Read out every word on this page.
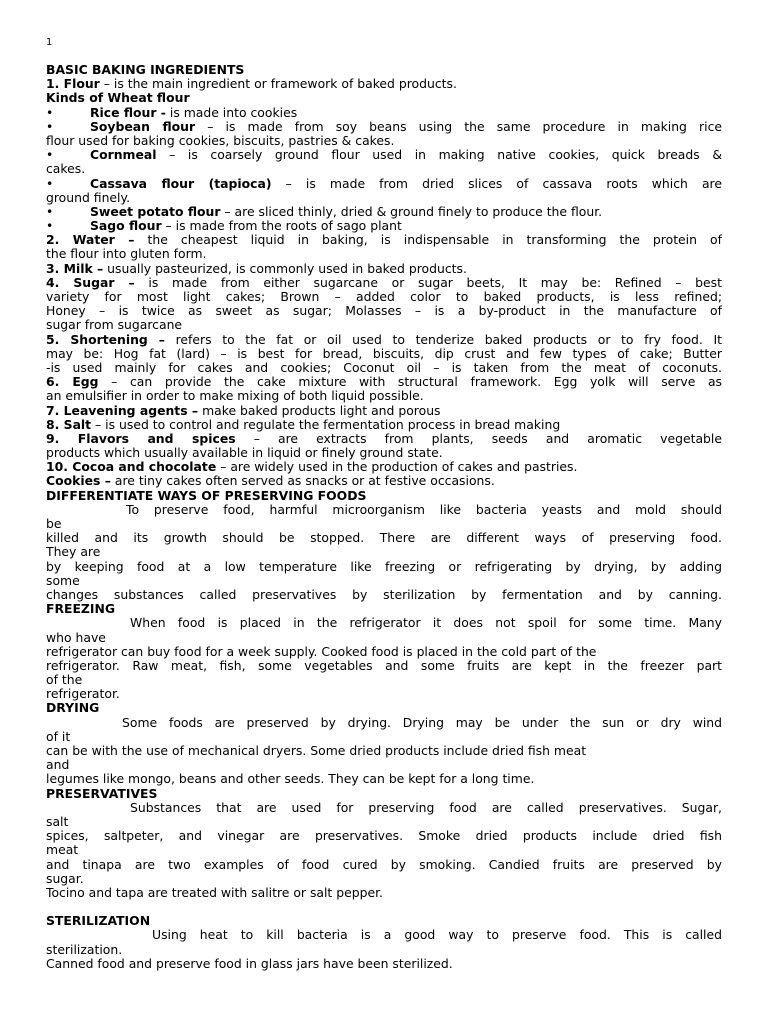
1
BASIC BAKING INGREDIENTS
1. Flour – is the main ingredient or framework of baked products.
Kinds of Wheat flour
•	Rice flour - is made into cookies
•	Soybean flour – is made from soy beans using the same procedure in making rice
flour used for baking cookies, biscuits, pastries & cakes.
•	Cornmeal – is coarsely ground flour used in making native cookies, quick breads &
cakes.
•	Cassava flour (tapioca) – is made from dried slices of cassava roots which are
ground finely.
•	Sweet potato flour – are sliced thinly, dried & ground finely to produce the flour.
•	Sago flour – is made from the roots of sago plant
2. Water – the cheapest liquid in baking, is indispensable in transforming the protein of
the flour into gluten form.
3. Milk – usually pasteurized, is commonly used in baked products.
4. Sugar – is made from either sugarcane or sugar beets, It may be: Refined – best
variety for most light cakes; Brown – added color to baked products, is less refined;
Honey – is twice as sweet as sugar; Molasses – is a by-product in the manufacture of
sugar from sugarcane
5. Shortening – refers to the fat or oil used to tenderize baked products or to fry food. It
may be: Hog fat (lard) – is best for bread, biscuits, dip crust and few types of cake; Butter
-is used mainly for cakes and cookies; Coconut oil – is taken from the meat of coconuts.
6. Egg – can provide the cake mixture with structural framework. Egg yolk will serve as
an emulsifier in order to make mixing of both liquid possible.
7. Leavening agents – make baked products light and porous
8. Salt – is used to control and regulate the fermentation process in bread making
9. Flavors and spices – are extracts from plants, seeds and aromatic vegetable
products which usually available in liquid or finely ground state.
10. Cocoa and chocolate – are widely used in the production of cakes and pastries.
Cookies – are tiny cakes often served as snacks or at festive occasions.
DIFFERENTIATE WAYS OF PRESERVING FOODS
To preserve food, harmful microorganism like bacteria yeasts and mold should
be
killed and its growth should be stopped. There are different ways of preserving food.
They are
by keeping food at a low temperature like freezing or refrigerating by drying, by adding
some
changes substances called preservatives by sterilization by fermentation and by canning.
FREEZING
When food is placed in the refrigerator it does not spoil for some time. Many
who have
refrigerator can buy food for a week supply. Cooked food is placed in the cold part of the
refrigerator. Raw meat, fish, some vegetables and some fruits are kept in the freezer part
of the
refrigerator.
DRYING
Some foods are preserved by drying. Drying may be under the sun or dry wind
of it
can be with the use of mechanical dryers. Some dried products include dried fish meat
and
legumes like mongo, beans and other seeds. They can be kept for a long time.
PRESERVATIVES
Substances that are used for preserving food are called preservatives. Sugar,
salt
spices, saltpeter, and vinegar are preservatives. Smoke dried products include dried fish
meat
and tinapa are two examples of food cured by smoking. Candied fruits are preserved by
sugar.
Tocino and tapa are treated with salitre or salt pepper.
STERILIZATION
Using heat to kill bacteria is a good way to preserve food. This is called
sterilization.
Canned food and preserve food in glass jars have been sterilized.
